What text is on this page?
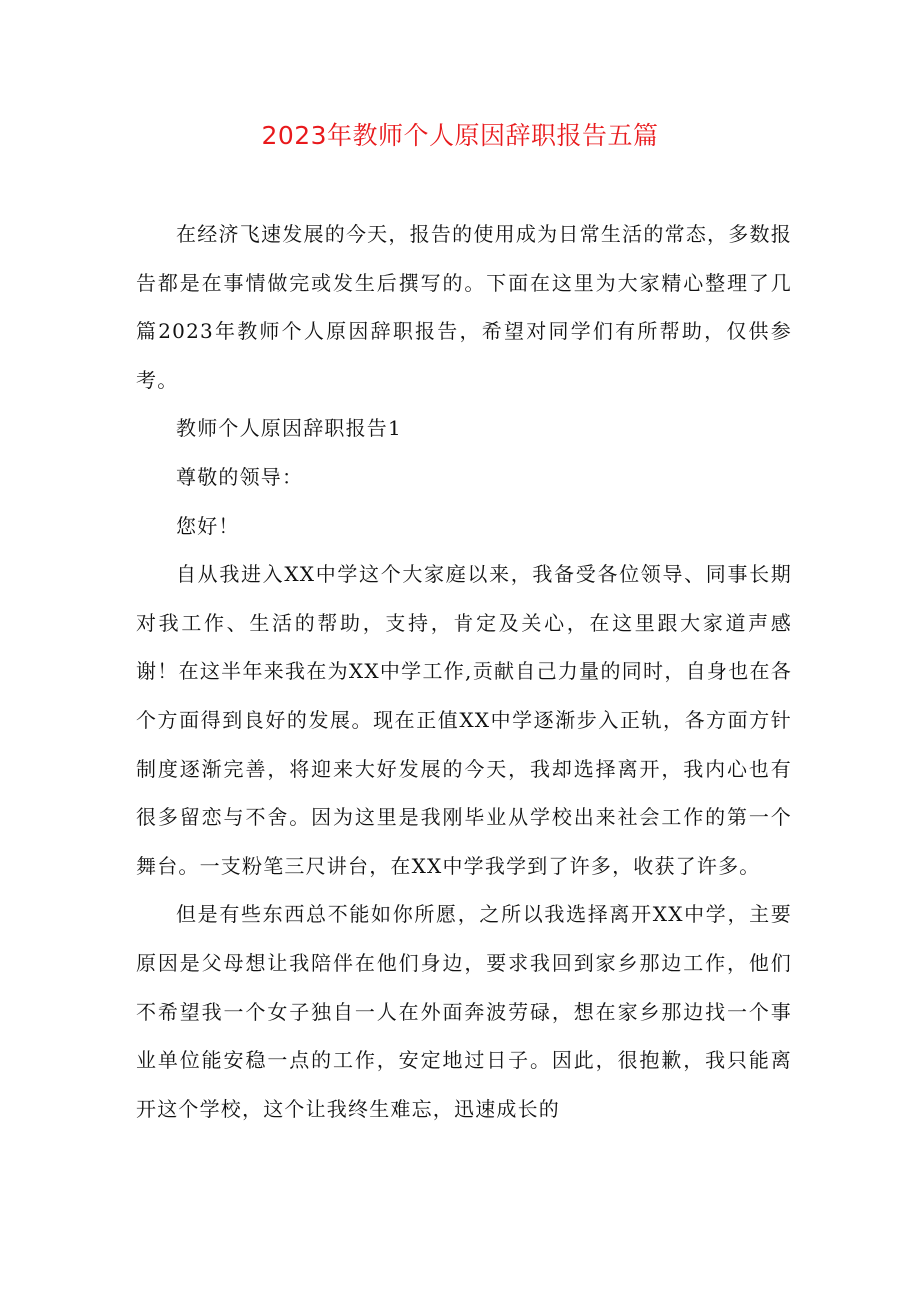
2023年教师个人原因辞职报告五篇

在经济飞速发展的今天，报告的使用成为日常生活的常态，多数报告都是在事情做完或发生后撰写的。下面在这里为大家精心整理了几篇2023年教师个人原因辞职报告，希望对同学们有所帮助，仅供参考。

教师个人原因辞职报告1

尊敬的领导：

您好！

自从我进入XX中学这个大家庭以来，我备受各位领导、同事长期对我工作、生活的帮助，支持，肯定及关心，在这里跟大家道声感谢！在这半年来我在为XX中学工作,贡献自己力量的同时，自身也在各个方面得到良好的发展。现在正值XX中学逐渐步入正轨，各方面方针制度逐渐完善，将迎来大好发展的今天，我却选择离开，我内心也有很多留恋与不舍。因为这里是我刚毕业从学校出来社会工作的第一个舞台。一支粉笔三尺讲台，在XX中学我学到了许多，收获了许多。

但是有些东西总不能如你所愿，之所以我选择离开XX中学，主要原因是父母想让我陪伴在他们身边，要求我回到家乡那边工作，他们不希望我一个女子独自一人在外面奔波劳碌，想在家乡那边找一个事业单位能安稳一点的工作，安定地过日子。因此，很抱歉，我只能离开这个学校，这个让我终生难忘，迅速成长的
